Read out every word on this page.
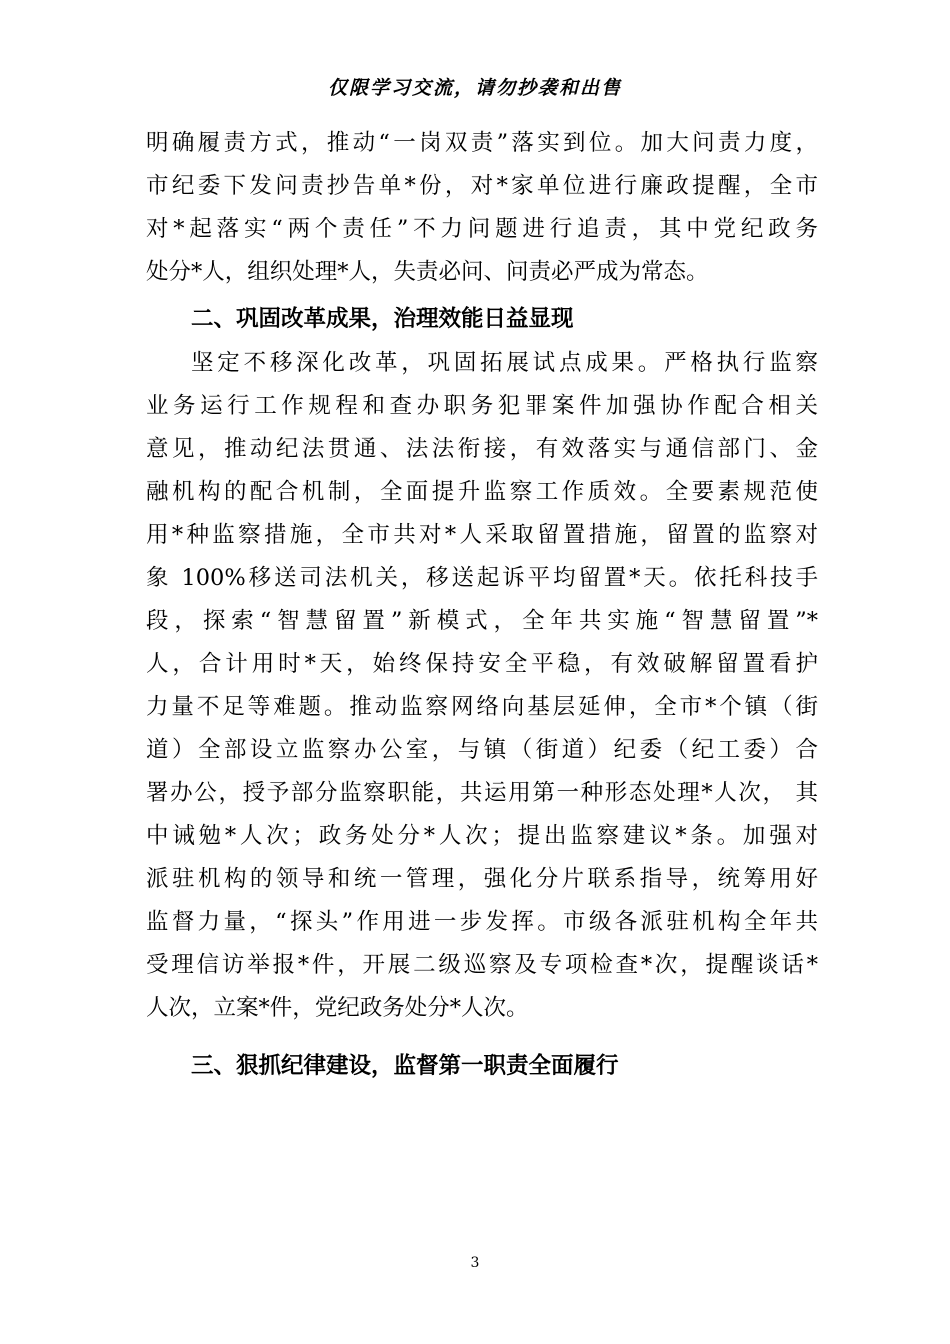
仅限学习交流，请勿抄袭和出售
明确履责方式，推动“一岗双责”落实到位。加大问责力度，
市纪委下发问责抄告单*份，对*家单位进行廉政提醒，全市
对*起落实“两个责任”不力问题进行追责，其中党纪政务
处分*人，组织处理*人，失责必问、问责必严成为常态。
二、巩固改革成果，治理效能日益显现
坚定不移深化改革，巩固拓展试点成果。严格执行监察
业务运行工作规程和查办职务犯罪案件加强协作配合相关
意见，推动纪法贯通、法法衔接，有效落实与通信部门、金
融机构的配合机制，全面提升监察工作质效。全要素规范使
用*种监察措施，全市共对*人采取留置措施，留置的监察对
象 100%移送司法机关，移送起诉平均留置*天。依托科技手
段，探索“智慧留置”新模式，全年共实施“智慧留置”*
人，合计用时*天，始终保持安全平稳，有效破解留置看护
力量不足等难题。推动监察网络向基层延伸，全市*个镇（街
道）全部设立监察办公室，与镇（街道）纪委（纪工委）合
署办公，授予部分监察职能，共运用第一种形态处理*人次， 其
中诫勉*人次；政务处分*人次；提出监察建议*条。加强对
派驻机构的领导和统一管理，强化分片联系指导，统筹用好
监督力量，“探头”作用进一步发挥。市级各派驻机构全年共
受理信访举报*件，开展二级巡察及专项检查*次，提醒谈话*
人次，立案*件，党纪政务处分*人次。
三、狠抓纪律建设，监督第一职责全面履行
3
